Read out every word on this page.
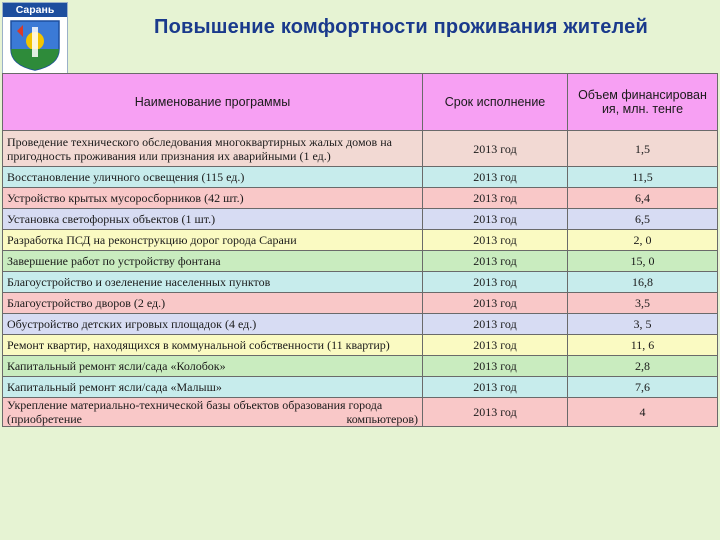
Сарань
Повышение комфортности проживания жителей
Наименование программы	Срок исполнение	Объем финансирован ия, млн. тенге
Проведение технического обследования многоквартирных жалых домов на пригодность проживания или признания их аварийными (1 ед.)	2013 год	1,5
Восстановление уличного освещения (115 ед.)	2013 год	11,5
Устройство крытых мусоросборников (42 шт.)	2013 год	6,4
Установка светофорных объектов (1 шт.)	2013 год	6,5
Разработка ПСД на реконструкцию дорог города Сарани	2013 год	2, 0
Завершение работ по устройству фонтана	2013 год	15, 0
Благоустройство и озеленение населенных пунктов	2013 год	16,8
Благоустройство дворов (2 ед.)	2013 год	3,5
Обустройство детских игровых площадок (4 ед.)	2013 год	3, 5
Ремонт квартир, находящихся в коммунальной собственности (11 квартир)	2013 год	11, 6
Капитальный ремонт ясли/сада «Колобок»	2013 год	2,8
Капитальный ремонт ясли/сада «Малыш»	2013 год	7,6
Укрепление материально-технической базы объектов образования города (приобретение компьютеров)	2013 год	4
